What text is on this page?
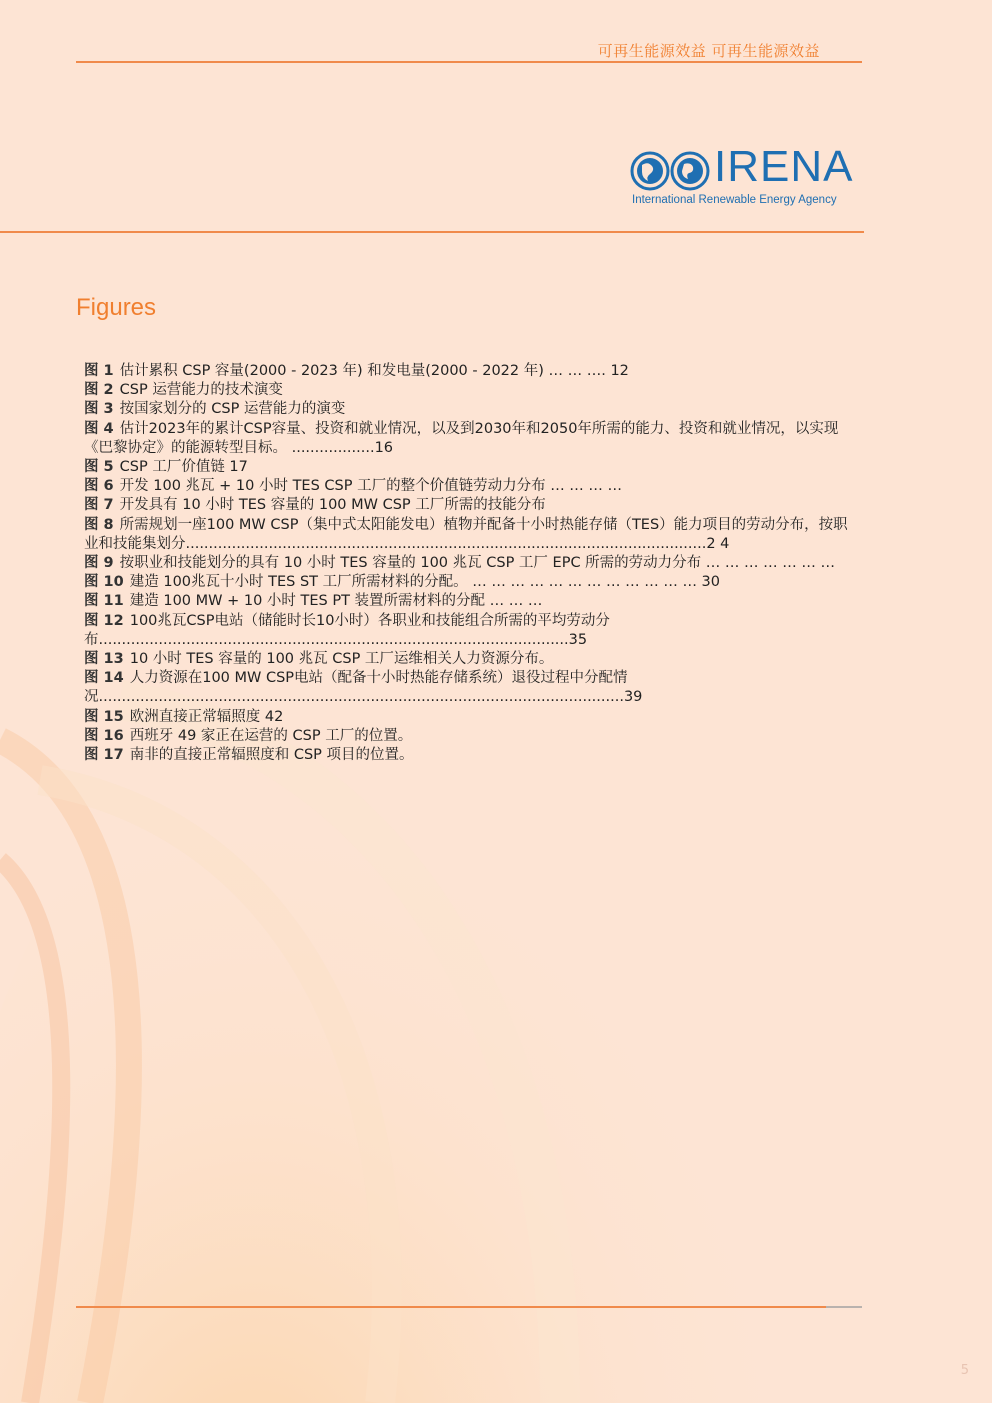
可再生能源效益 可再生能源效益
IRENA
International Renewable Energy Agency
Figures
图 1 估计累积 CSP 容量(2000 - 2023 年) 和发电量(2000 - 2022 年) … … …. 12
图 2 CSP 运营能力的技术演变
图 3 按国家划分的 CSP 运营能力的演变
图 4 估计2023年的累计CSP容量、投资和就业情况，以及到2030年和2050年所需的能力、投资和就业情况，以实现《巴黎协定》的能源转型目标。 ..................16
图 5 CSP 工厂价值链 17
图 6 开发 100 兆瓦 + 10 小时 TES CSP 工厂的整个价值链劳动力分布 … … … …
图 7 开发具有 10 小时 TES 容量的 100 MW CSP 工厂所需的技能分布
图 8 所需规划一座100 MW CSP（集中式太阳能发电）植物并配备十小时热能存储（TES）能力项目的劳动分布，按职业和技能集划分.................................................................................................................2 4
图 9 按职业和技能划分的具有 10 小时 TES 容量的 100 兆瓦 CSP 工厂 EPC 所需的劳动力分布 … … … … … … …
图 10 建造 100兆瓦十小时 TES ST 工厂所需材料的分配。 … … … … … … … … … … … … 30
图 11 建造 100 MW + 10 小时 TES PT 装置所需材料的分配 … … …
图 12 100兆瓦CSP电站（储能时长10小时）各职业和技能组合所需的平均劳动分布......................................................................................................35
图 13 10 小时 TES 容量的 100 兆瓦 CSP 工厂运维相关人力资源分布。
图 14 人力资源在100 MW CSP电站（配备十小时热能存储系统）退役过程中分配情况..................................................................................................................39
图 15 欧洲直接正常辐照度 42
图 16 西班牙 49 家正在运营的 CSP 工厂的位置。
图 17 南非的直接正常辐照度和 CSP 项目的位置。
5
